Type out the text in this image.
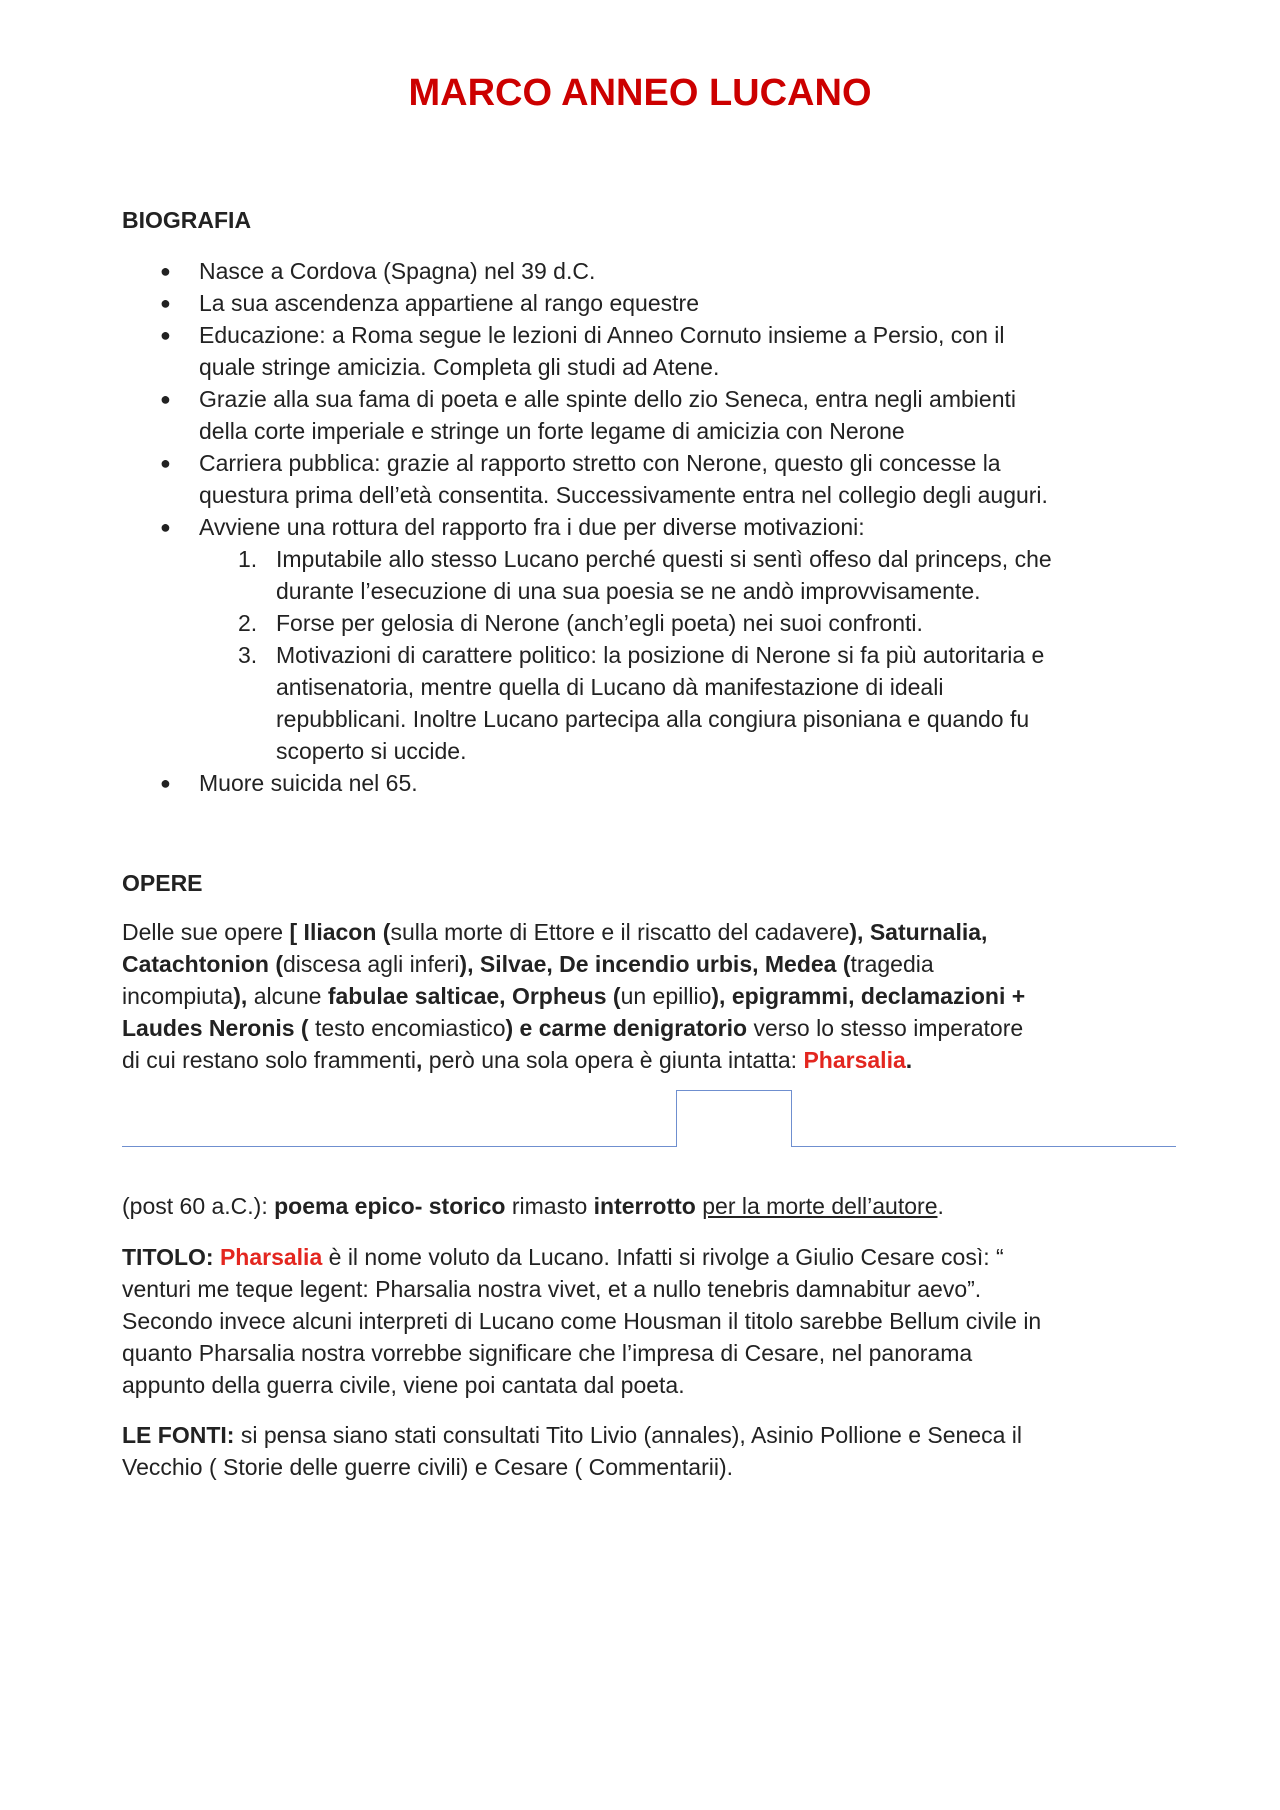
MARCO ANNEO LUCANO
BIOGRAFIA
● Nasce a Cordova (Spagna) nel 39 d.C.
● La sua ascendenza appartiene al rango equestre
● Educazione: a Roma segue le lezioni di Anneo Cornuto insieme a Persio, con il
quale stringe amicizia. Completa gli studi ad Atene.
● Grazie alla sua fama di poeta e alle spinte dello zio Seneca, entra negli ambienti
della corte imperiale e stringe un forte legame di amicizia con Nerone
● Carriera pubblica: grazie al rapporto stretto con Nerone, questo gli concesse la
questura prima dell’età consentita. Successivamente entra nel collegio degli auguri.
● Avviene una rottura del rapporto fra i due per diverse motivazioni:
1. Imputabile allo stesso Lucano perché questi si sentì offeso dal princeps, che
durante l’esecuzione di una sua poesia se ne andò improvvisamente.
2. Forse per gelosia di Nerone (anch’egli poeta) nei suoi confronti.
3. Motivazioni di carattere politico: la posizione di Nerone si fa più autoritaria e
antisenatoria, mentre quella di Lucano dà manifestazione di ideali
repubblicani. Inoltre Lucano partecipa alla congiura pisoniana e quando fu
scoperto si uccide.
● Muore suicida nel 65.
OPERE
Delle sue opere [ Iliacon (sulla morte di Ettore e il riscatto del cadavere), Saturnalia,
Catachtonion (discesa agli inferi), Silvae, De incendio urbis, Medea (tragedia
incompiuta), alcune fabulae salticae, Orpheus (un epillio), epigrammi, declamazioni +
Laudes Neronis ( testo encomiastico) e carme denigratorio verso lo stesso imperatore
di cui restano solo frammenti, però una sola opera è giunta intatta: Pharsalia.
(post 60 a.C.): poema epico- storico rimasto interrotto per la morte dell’autore.
TITOLO: Pharsalia è il nome voluto da Lucano. Infatti si rivolge a Giulio Cesare così: “
venturi me teque legent: Pharsalia nostra vivet, et a nullo tenebris damnabitur aevo”.
Secondo invece alcuni interpreti di Lucano come Housman il titolo sarebbe Bellum civile in
quanto Pharsalia nostra vorrebbe significare che l’impresa di Cesare, nel panorama
appunto della guerra civile, viene poi cantata dal poeta.
LE FONTI: si pensa siano stati consultati Tito Livio (annales), Asinio Pollione e Seneca il
Vecchio ( Storie delle guerre civili) e Cesare ( Commentarii).
